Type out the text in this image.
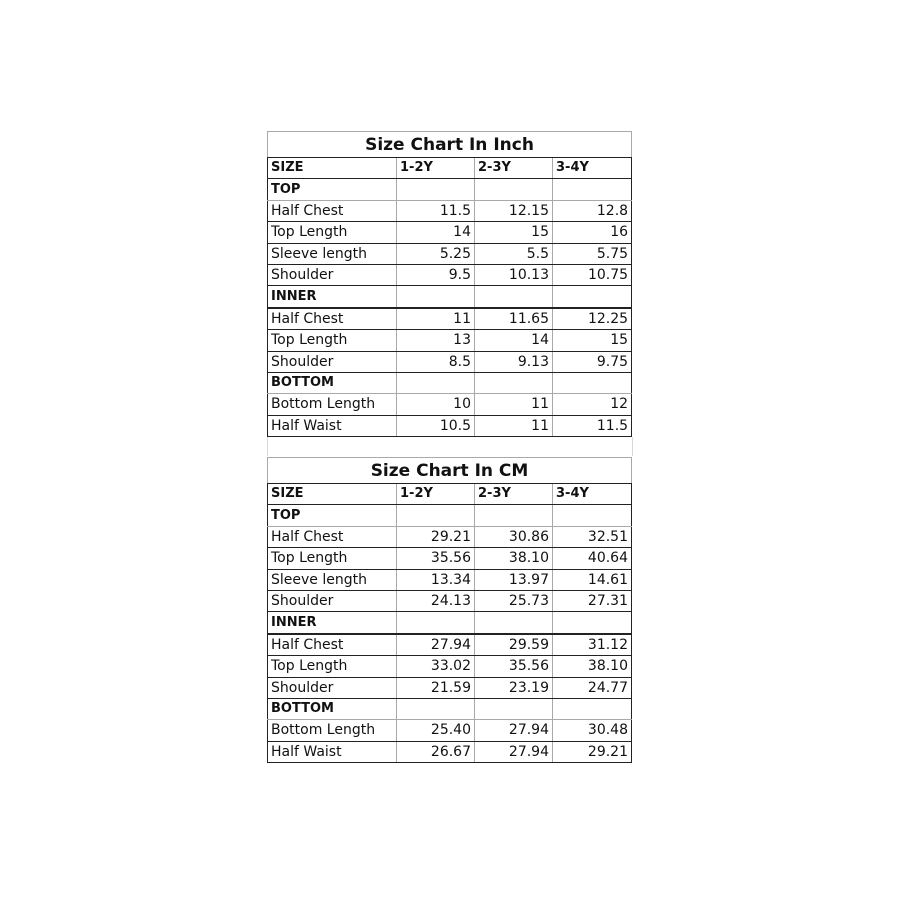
Size Chart In Inch			
SIZE	1-2Y	2-3Y	3-4Y
TOP			
Half Chest	11.5	12.15	12.8
Top Length	14	15	16
Sleeve length	5.25	5.5	5.75
Shoulder	9.5	10.13	10.75
INNER			
Half Chest	11	11.65	12.25
Top Length	13	14	15
Shoulder	8.5	9.13	9.75
BOTTOM			
Bottom Length	10	11	12
Half Waist	10.5	11	11.5
Size Chart In CM			
SIZE	1-2Y	2-3Y	3-4Y
TOP			
Half Chest	29.21	30.86	32.51
Top Length	35.56	38.10	40.64
Sleeve length	13.34	13.97	14.61
Shoulder	24.13	25.73	27.31
INNER			
Half Chest	27.94	29.59	31.12
Top Length	33.02	35.56	38.10
Shoulder	21.59	23.19	24.77
BOTTOM			
Bottom Length	25.40	27.94	30.48
Half Waist	26.67	27.94	29.21
